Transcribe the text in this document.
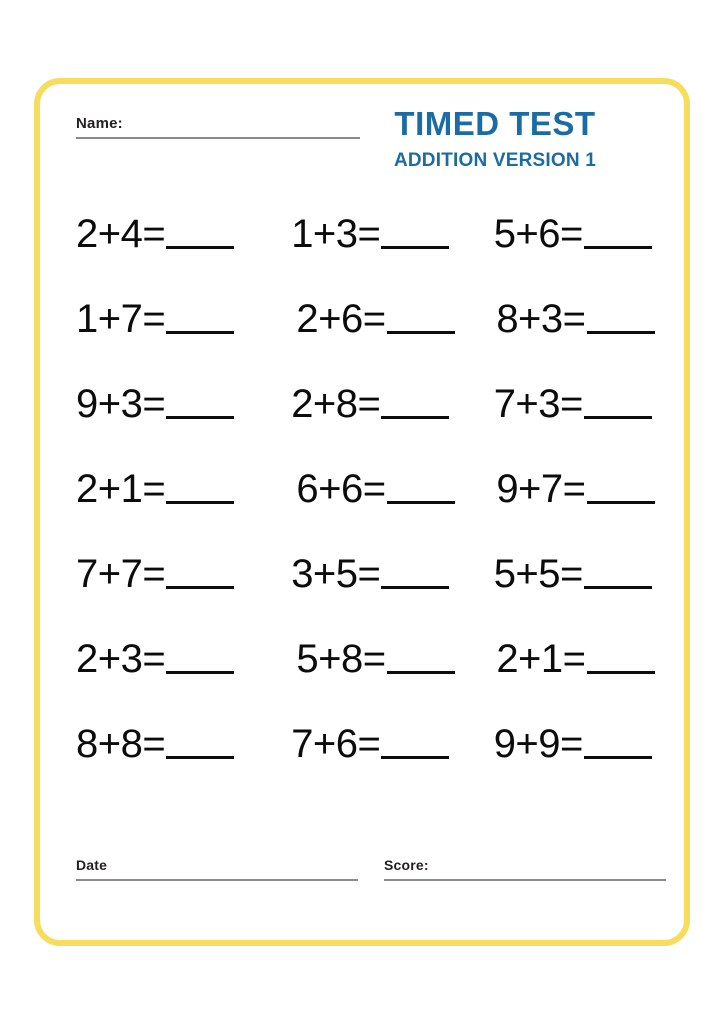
Name:	TIMED TEST
ADDITION VERSION 1
2+4=	1+3=	5+6=
1+7=	2+6=	8+3=
9+3=	2+8=	7+3=
2+1=	6+6=	9+7=
7+7=	3+5=	5+5=
2+3=	5+8=	2+1=
8+8=	7+6=	9+9=
Date	Score:
